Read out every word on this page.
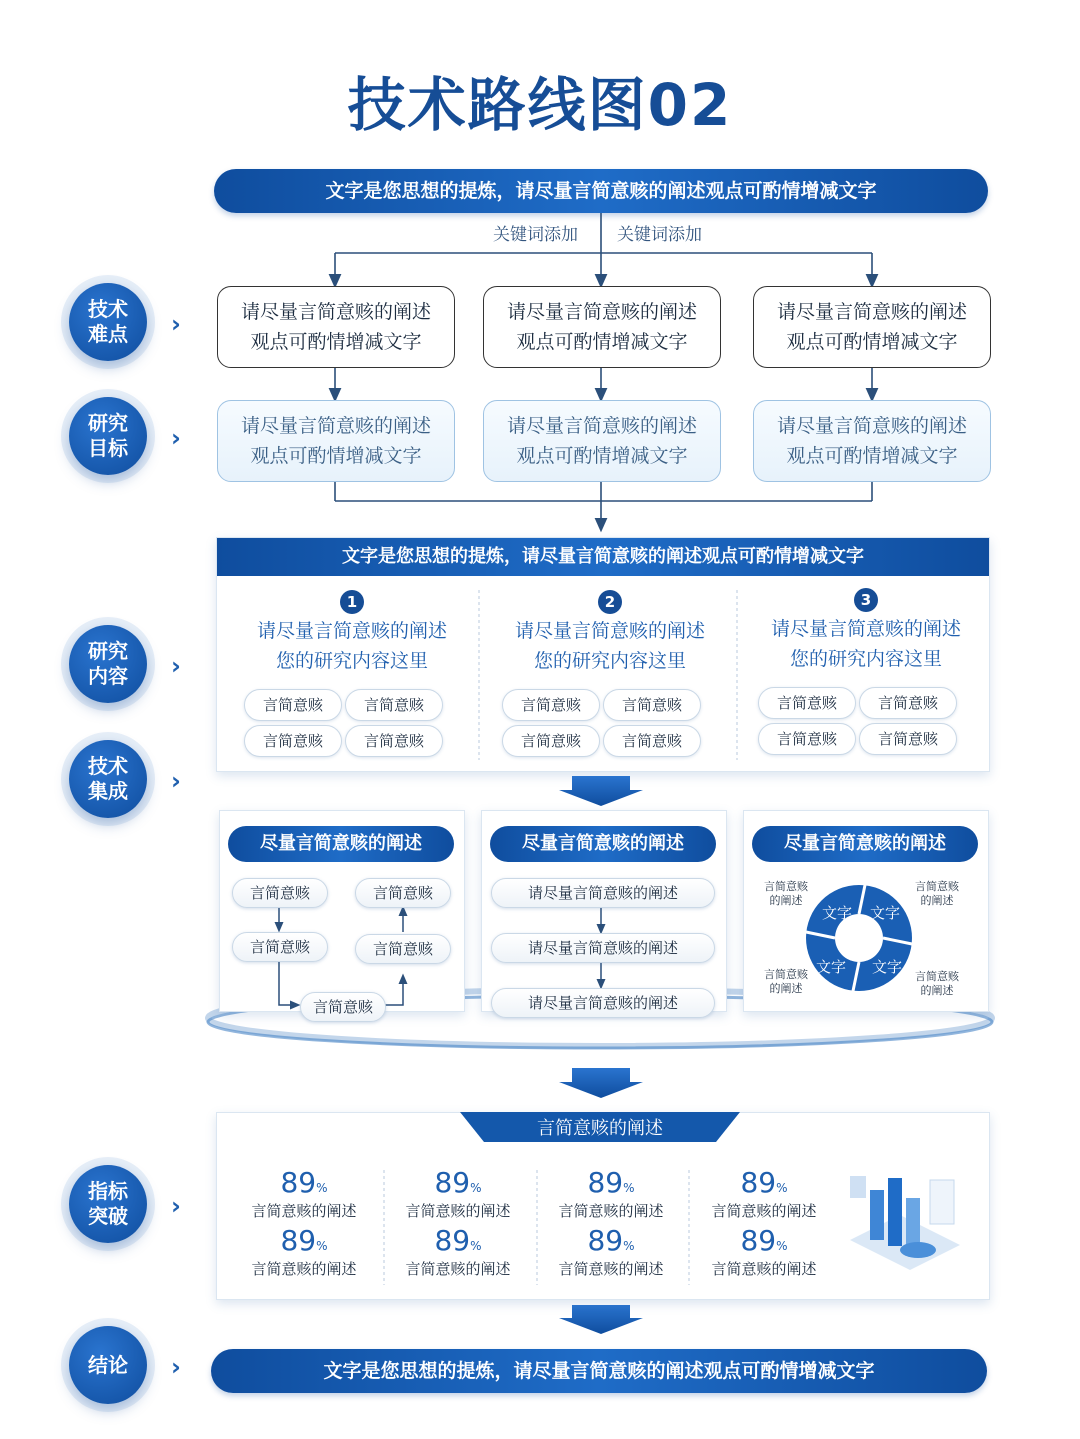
技术路线图02
文字是您思想的提炼，请尽量言简意赅的阐述观点可酌情增减文字
关键词添加 关键词添加
技术
难点
研究
目标
研究
内容
技术
集成
指标
突破
结论
›
›
›
›
›
›
请尽量言简意赅的阐述
观点可酌情增减文字
请尽量言简意赅的阐述
观点可酌情增减文字
请尽量言简意赅的阐述
观点可酌情增减文字
请尽量言简意赅的阐述
观点可酌情增减文字
请尽量言简意赅的阐述
观点可酌情增减文字
请尽量言简意赅的阐述
观点可酌情增减文字
文字是您思想的提炼，请尽量言简意赅的阐述观点可酌情增减文字
1
请尽量言简意赅的阐述
您的研究内容这里
言简意赅	言简意赅
言简意赅	言简意赅
2
请尽量言简意赅的阐述
您的研究内容这里
言简意赅	言简意赅
言简意赅	言简意赅
3
请尽量言简意赅的阐述
您的研究内容这里
言简意赅	言简意赅
言简意赅	言简意赅
尽量言简意赅的阐述	尽量言简意赅的阐述	尽量言简意赅的阐述
言简意赅	言简意赅
言简意赅	言简意赅
言简意赅
请尽量言简意赅的阐述
请尽量言简意赅的阐述
请尽量言简意赅的阐述
文字 文字
文字 文字
言简意赅
的阐述
言简意赅
的阐述
言简意赅
的阐述
言简意赅
的阐述
言简意赅的阐述
89%
言简意赅的阐述
89%
言简意赅的阐述
89%
言简意赅的阐述
89%
言简意赅的阐述
89%
言简意赅的阐述
89%
言简意赅的阐述
89%
言简意赅的阐述
89%
言简意赅的阐述
文字是您思想的提炼，请尽量言简意赅的阐述观点可酌情增减文字
